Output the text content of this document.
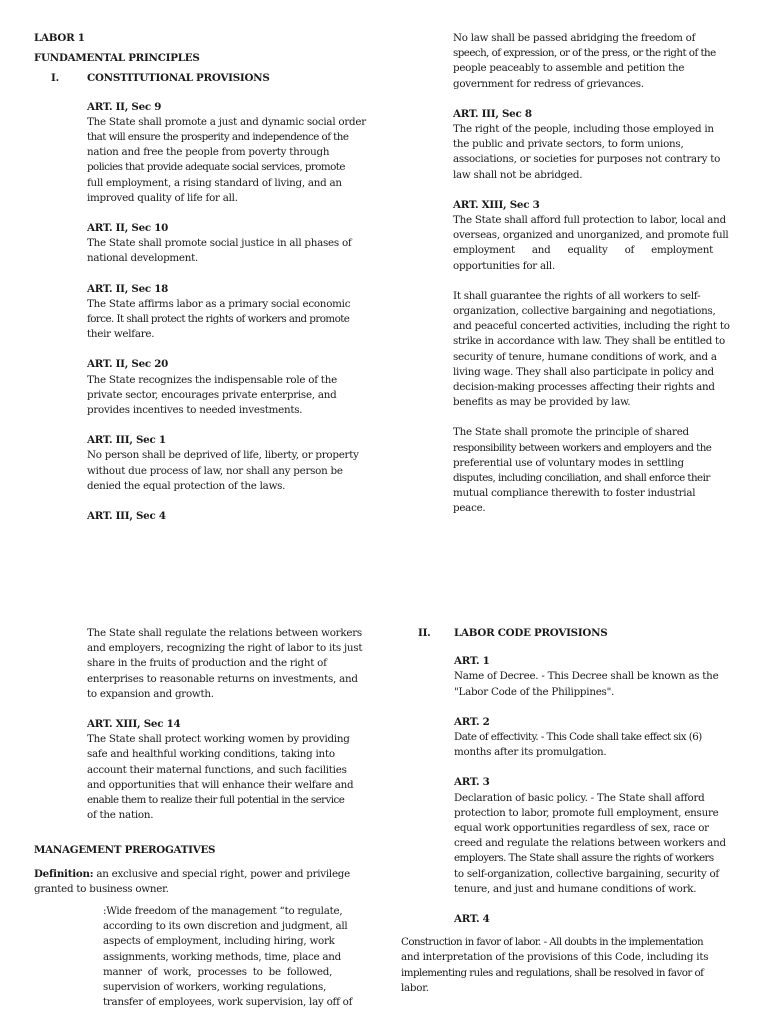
LABOR 1

FUNDAMENTAL PRINCIPLES

I.	CONSTITUTIONAL PROVISIONS

ART. II, Sec 9

The State shall promote a just and dynamic social order

that will ensure the prosperity and independence of the

nation and free the people from poverty through

policies that provide adequate social services, promote

full employment, a rising standard of living, and an

improved quality of life for all.

ART. II, Sec 10

The State shall promote social justice in all phases of

national development.

ART. II, Sec 18

The State affirms labor as a primary social economic

force. It shall protect the rights of workers and promote

their welfare.

ART. II, Sec 20

The State recognizes the indispensable role of the

private sector, encourages private enterprise, and

provides incentives to needed investments.

ART. III, Sec 1

No person shall be deprived of life, liberty, or property

without due process of law, nor shall any person be

denied the equal protection of the laws.

ART. III, Sec 4

No law shall be passed abridging the freedom of

speech, of expression, or of the press, or the right of the

people peaceably to assemble and petition the

government for redress of grievances.

ART. III, Sec 8

The right of the people, including those employed in

the public and private sectors, to form unions,

associations, or societies for purposes not contrary to

law shall not be abridged.

ART. XIII, Sec 3

The State shall afford full protection to labor, local and

overseas, organized and unorganized, and promote full

employment and equality of employment

opportunities for all.

It shall guarantee the rights of all workers to self-

organization, collective bargaining and negotiations,

and peaceful concerted activities, including the right to

strike in accordance with law. They shall be entitled to

security of tenure, humane conditions of work, and a

living wage. They shall also participate in policy and

decision-making processes affecting their rights and

benefits as may be provided by law.

The State shall promote the principle of shared

responsibility between workers and employers and the

preferential use of voluntary modes in settling

disputes, including conciliation, and shall enforce their

mutual compliance therewith to foster industrial

peace.

The State shall regulate the relations between workers

and employers, recognizing the right of labor to its just

share in the fruits of production and the right of

enterprises to reasonable returns on investments, and

to expansion and growth.

ART. XIII, Sec 14

The State shall protect working women by providing

safe and healthful working conditions, taking into

account their maternal functions, and such facilities

and opportunities that will enhance their welfare and

enable them to realize their full potential in the service

of the nation.

MANAGEMENT PREROGATIVES

Definition: an exclusive and special right, power and privilege

granted to business owner.

:Wide freedom of the management “to regulate,

according to its own discretion and judgment, all

aspects of employment, including hiring, work

assignments, working methods, time, place and

manner of work, processes to be followed,

supervision of workers, working regulations,

transfer of employees, work supervision, lay off of

II. LABOR CODE PROVISIONS

ART. 1

Name of Decree. - This Decree shall be known as the

"Labor Code of the Philippines".

ART. 2

Date of effectivity. - This Code shall take effect six (6)

months after its promulgation.

ART. 3

Declaration of basic policy. - The State shall afford

protection to labor, promote full employment, ensure

equal work opportunities regardless of sex, race or

creed and regulate the relations between workers and

employers. The State shall assure the rights of workers

to self-organization, collective bargaining, security of

tenure, and just and humane conditions of work.

ART. 4

Construction in favor of labor. - All doubts in the implementation

and interpretation of the provisions of this Code, including its

implementing rules and regulations, shall be resolved in favor of

labor.
